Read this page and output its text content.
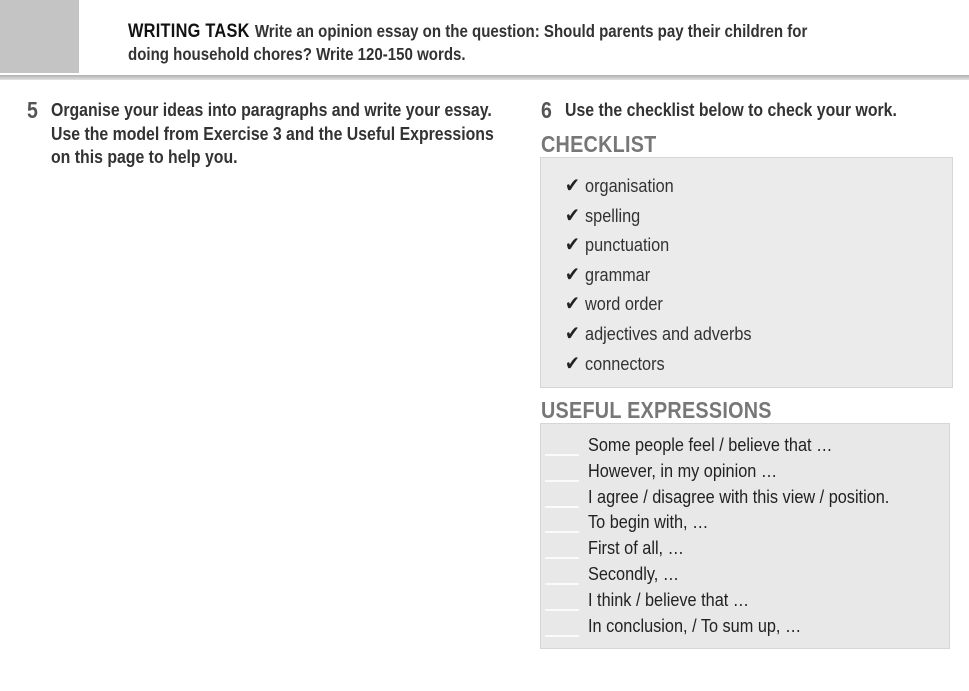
WRITING TASK Write an opinion essay on the question: Should parents pay their children for
doing household chores? Write 120-150 words.
5 Organise your ideas into paragraphs and write your essay.
Use the model from Exercise 3 and the Useful Expressions
on this page to help you.
6 Use the checklist below to check your work.
CHECKLIST
✔ organisation
✔ spelling
✔ punctuation
✔ grammar
✔ word order
✔ adjectives and adverbs
✔ connectors
USEFUL EXPRESSIONS
Some people feel / believe that …
However, in my opinion …
I agree / disagree with this view / position.
To begin with, …
First of all, …
Secondly, …
I think / believe that …
In conclusion, / To sum up, …
